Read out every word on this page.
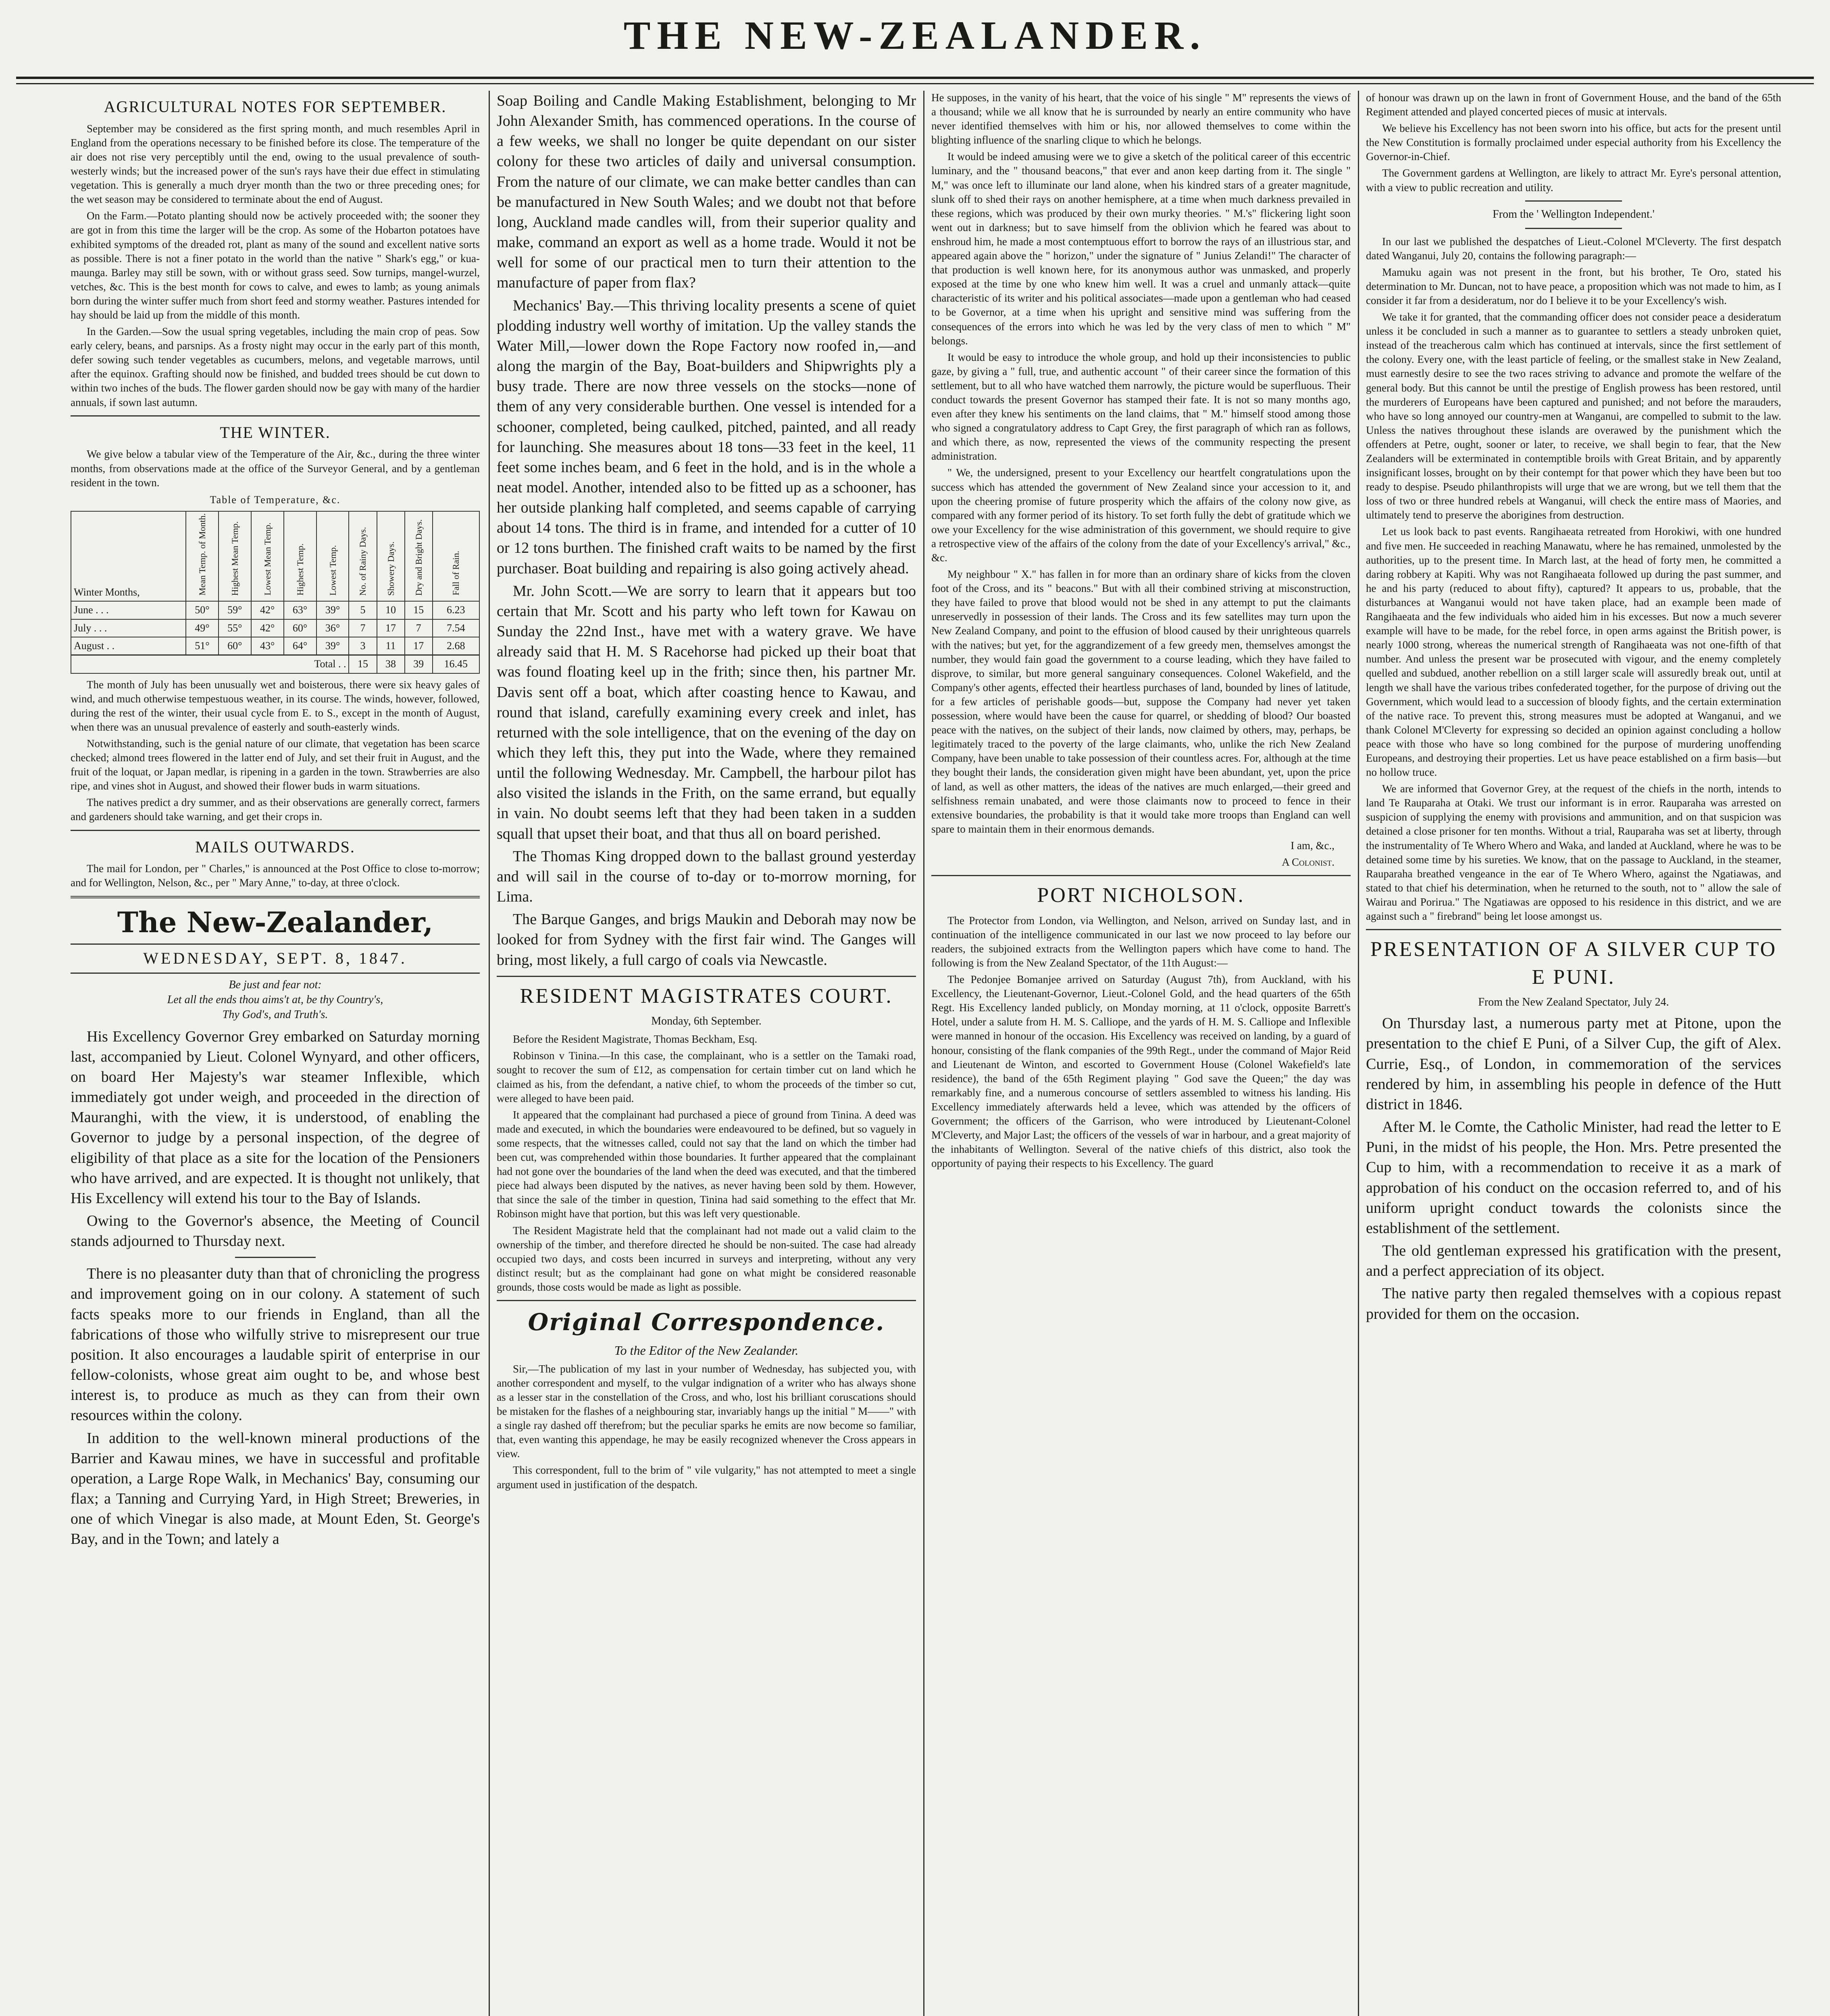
THE NEW-ZEALANDER.
AGRICULTURAL NOTES FOR SEPTEMBER.

September may be considered as the first spring month, and much resembles April in England from the operations necessary to be finished before its close. The temperature of the air does not rise very perceptibly until the end, owing to the usual prevalence of south-westerly winds; but the increased power of the sun's rays have their due effect in stimulating vegetation. This is generally a much dryer month than the two or three preceding ones; for the wet season may be considered to terminate about the end of August.

On the Farm.—Potato planting should now be actively proceeded with; the sooner they are got in from this time the larger will be the crop. As some of the Hobarton potatoes have exhibited symptoms of the dreaded rot, plant as many of the sound and excellent native sorts as possible. There is not a finer potato in the world than the native " Shark's egg," or kua-maunga. Barley may still be sown, with or without grass seed. Sow turnips, mangel-wurzel, vetches, &c. This is the best month for cows to calve, and ewes to lamb; as young animals born during the winter suffer much from short feed and stormy weather. Pastures intended for hay should be laid up from the middle of this month.

In the Garden.—Sow the usual spring vegetables, including the main crop of peas. Sow early celery, beans, and parsnips. As a frosty night may occur in the early part of this month, defer sowing such tender vegetables as cucumbers, melons, and vegetable marrows, until after the equinox. Grafting should now be finished, and budded trees should be cut down to within two inches of the buds. The flower garden should now be gay with many of the hardier annuals, if sown last autumn.

THE WINTER.

We give below a tabular view of the Temperature of the Air, &c., during the three winter months, from observations made at the office of the Surveyor General, and by a gentleman resident in the town.

Table of Temperature, &c.
Winter Months,	Mean Temp. of Month.	Highest Mean Temp.	Lowest Mean Temp.	Highest Temp.	Lowest Temp.	No. of Rainy Days.	Showery Days.	Dry and Bright Days.	Fall of Rain.
June . . .	50°	59°	42°	63°	39°	5	10	15	6.23
July . . .	49°	55°	42°	60°	36°	7	17	7	7.54
August . .	51°	60°	43°	64°	39°	3	11	17	2.68
Total . .						15	38	39	16.45

The month of July has been unusually wet and boisterous, there were six heavy gales of wind, and much otherwise tempestuous weather, in its course. The winds, however, followed, during the rest of the winter, their usual cycle from E. to S., except in the month of August, when there was an unusual prevalence of easterly and south-easterly winds.

Notwithstanding, such is the genial nature of our climate, that vegetation has been scarce checked; almond trees flowered in the latter end of July, and set their fruit in August, and the fruit of the loquat, or Japan medlar, is ripening in a garden in the town. Strawberries are also ripe, and vines shot in August, and showed their flower buds in warm situations.

The natives predict a dry summer, and as their observations are generally correct, farmers and gardeners should take warning, and get their crops in.

MAILS OUTWARDS.

The mail for London, per " Charles," is announced at the Post Office to close to-morrow; and for Wellington, Nelson, &c., per " Mary Anne," to-day, at three o'clock.

The New-Zealander,
WEDNESDAY, SEPT. 8, 1847.
Be just and fear not:
Let all the ends thou aims't at, be thy Country's,
Thy God's, and Truth's.

His Excellency Governor Grey embarked on Saturday morning last, accompanied by Lieut. Colonel Wynyard, and other officers, on board Her Majesty's war steamer Inflexible, which immediately got under weigh, and proceeded in the direction of Mauranghi, with the view, it is understood, of enabling the Governor to judge by a personal inspection, of the degree of eligibility of that place as a site for the location of the Pensioners who have arrived, and are expected. It is thought not unlikely, that His Excellency will extend his tour to the Bay of Islands.

Owing to the Governor's absence, the Meeting of Council stands adjourned to Thursday next.

There is no pleasanter duty than that of chronicling the progress and improvement going on in our colony. A statement of such facts speaks more to our friends in England, than all the fabrications of those who wilfully strive to misrepresent our true position. It also encourages a laudable spirit of enterprise in our fellow-colonists, whose great aim ought to be, and whose best interest is, to produce as much as they can from their own resources within the colony.

In addition to the well-known mineral productions of the Barrier and Kawau mines, we have in successful and profitable operation, a Large Rope Walk, in Mechanics' Bay, consuming our flax; a Tanning and Currying Yard, in High Street; Breweries, in one of which Vinegar is also made, at Mount Eden, St. George's Bay, and in the Town; and lately a

Soap Boiling and Candle Making Establishment, belonging to Mr John Alexander Smith, has commenced operations. In the course of a few weeks, we shall no longer be quite dependant on our sister colony for these two articles of daily and universal consumption. From the nature of our climate, we can make better candles than can be manufactured in New South Wales; and we doubt not that before long, Auckland made candles will, from their superior quality and make, command an export as well as a home trade. Would it not be well for some of our practical men to turn their attention to the manufacture of paper from flax?

Mechanics' Bay.—This thriving locality presents a scene of quiet plodding industry well worthy of imitation. Up the valley stands the Water Mill,—lower down the Rope Factory now roofed in,—and along the margin of the Bay, Boat-builders and Shipwrights ply a busy trade. There are now three vessels on the stocks—none of them of any very considerable burthen. One vessel is intended for a schooner, completed, being caulked, pitched, painted, and all ready for launching. She measures about 18 tons—33 feet in the keel, 11 feet some inches beam, and 6 feet in the hold, and is in the whole a neat model. Another, intended also to be fitted up as a schooner, has her outside planking half completed, and seems capable of carrying about 14 tons. The third is in frame, and intended for a cutter of 10 or 12 tons burthen. The finished craft waits to be named by the first purchaser. Boat building and repairing is also going actively ahead.

Mr. John Scott.—We are sorry to learn that it appears but too certain that Mr. Scott and his party who left town for Kawau on Sunday the 22nd Inst., have met with a watery grave. We have already said that H. M. S Racehorse had picked up their boat that was found floating keel up in the frith; since then, his partner Mr. Davis sent off a boat, which after coasting hence to Kawau, and round that island, carefully examining every creek and inlet, has returned with the sole intelligence, that on the evening of the day on which they left this, they put into the Wade, where they remained until the following Wednesday. Mr. Campbell, the harbour pilot has also visited the islands in the Frith, on the same errand, but equally in vain. No doubt seems left that they had been taken in a sudden squall that upset their boat, and that thus all on board perished.

The Thomas King dropped down to the ballast ground yesterday and will sail in the course of to-day or to-morrow morning, for Lima.

The Barque Ganges, and brigs Maukin and Deborah may now be looked for from Sydney with the first fair wind. The Ganges will bring, most likely, a full cargo of coals via Newcastle.

RESIDENT MAGISTRATES COURT.
Monday, 6th September.

Before the Resident Magistrate, Thomas Beckham, Esq.

Robinson v Tinina.—In this case, the complainant, who is a settler on the Tamaki road, sought to recover the sum of £12, as compensation for certain timber cut on land which he claimed as his, from the defendant, a native chief, to whom the proceeds of the timber so cut, were alleged to have been paid.

It appeared that the complainant had purchased a piece of ground from Tinina. A deed was made and executed, in which the boundaries were endeavoured to be defined, but so vaguely in some respects, that the witnesses called, could not say that the land on which the timber had been cut, was comprehended within those boundaries. It further appeared that the complainant had not gone over the boundaries of the land when the deed was executed, and that the timbered piece had always been disputed by the natives, as never having been sold by them. However, that since the sale of the timber in question, Tinina had said something to the effect that Mr. Robinson might have that portion, but this was left very questionable.

The Resident Magistrate held that the complainant had not made out a valid claim to the ownership of the timber, and therefore directed he should be non-suited. The case had already occupied two days, and costs been incurred in surveys and interpreting, without any very distinct result; but as the complainant had gone on what might be considered reasonable grounds, those costs would be made as light as possible.

Original Correspondence.
To the Editor of the New Zealander.

Sir,—The publication of my last in your number of Wednesday, has subjected you, with another correspondent and myself, to the vulgar indignation of a writer who has always shone as a lesser star in the constellation of the Cross, and who, lost his brilliant coruscations should be mistaken for the flashes of a neighbouring star, invariably hangs up the initial " M——" with a single ray dashed off therefrom; but the peculiar sparks he emits are now become so familiar, that, even wanting this appendage, he may be easily recognized whenever the Cross appears in view.

This correspondent, full to the brim of " vile vulgarity," has not attempted to meet a single argument used in justification of the despatch.

He supposes, in the vanity of his heart, that the voice of his single " M" represents the views of a thousand; while we all know that he is surrounded by nearly an entire community who have never identified themselves with him or his, nor allowed themselves to come within the blighting influence of the snarling clique to which he belongs.

It would be indeed amusing were we to give a sketch of the political career of this eccentric luminary, and the " thousand beacons," that ever and anon keep darting from it. The single " M," was once left to illuminate our land alone, when his kindred stars of a greater magnitude, slunk off to shed their rays on another hemisphere, at a time when much darkness prevailed in these regions, which was produced by their own murky theories. " M.'s" flickering light soon went out in darkness; but to save himself from the oblivion which he feared was about to enshroud him, he made a most contemptuous effort to borrow the rays of an illustrious star, and appeared again above the " horizon," under the signature of " Junius Zelandi!" The character of that production is well known here, for its anonymous author was unmasked, and properly exposed at the time by one who knew him well. It was a cruel and unmanly attack—quite characteristic of its writer and his political associates—made upon a gentleman who had ceased to be Governor, at a time when his upright and sensitive mind was suffering from the consequences of the errors into which he was led by the very class of men to which " M" belongs.

It would be easy to introduce the whole group, and hold up their inconsistencies to public gaze, by giving a " full, true, and authentic account " of their career since the formation of this settlement, but to all who have watched them narrowly, the picture would be superfluous. Their conduct towards the present Governor has stamped their fate. It is not so many months ago, even after they knew his sentiments on the land claims, that " M." himself stood among those who signed a congratulatory address to Capt Grey, the first paragraph of which ran as follows, and which there, as now, represented the views of the community respecting the present administration.

" We, the undersigned, present to your Excellency our heartfelt congratulations upon the success which has attended the government of New Zealand since your accession to it, and upon the cheering promise of future prosperity which the affairs of the colony now give, as compared with any former period of its history. To set forth fully the debt of gratitude which we owe your Excellency for the wise administration of this government, we should require to give a retrospective view of the affairs of the colony from the date of your Excellency's arrival," &c., &c.

My neighbour " X." has fallen in for more than an ordinary share of kicks from the cloven foot of the Cross, and its " beacons." But with all their combined striving at misconstruction, they have failed to prove that blood would not be shed in any attempt to put the claimants unreservedly in possession of their lands. The Cross and its few satellites may turn upon the New Zealand Company, and point to the effusion of blood caused by their unrighteous quarrels with the natives; but yet, for the aggrandizement of a few greedy men, themselves amongst the number, they would fain goad the government to a course leading, which they have failed to disprove, to similar, but more general sanguinary consequences. Colonel Wakefield, and the Company's other agents, effected their heartless purchases of land, bounded by lines of latitude, for a few articles of perishable goods—but, suppose the Company had never yet taken possession, where would have been the cause for quarrel, or shedding of blood? Our boasted peace with the natives, on the subject of their lands, now claimed by others, may, perhaps, be legitimately traced to the poverty of the large claimants, who, unlike the rich New Zealand Company, have been unable to take possession of their countless acres. For, although at the time they bought their lands, the consideration given might have been abundant, yet, upon the price of land, as well as other matters, the ideas of the natives are much enlarged,—their greed and selfishness remain unabated, and were those claimants now to proceed to fence in their extensive boundaries, the probability is that it would take more troops than England can well spare to maintain them in their enormous demands.

I am, &c.,
A Colonist.
PORT NICHOLSON.

The Protector from London, via Wellington, and Nelson, arrived on Sunday last, and in continuation of the intelligence communicated in our last we now proceed to lay before our readers, the subjoined extracts from the Wellington papers which have come to hand. The following is from the New Zealand Spectator, of the 11th August:—

The Pedonjee Bomanjee arrived on Saturday (August 7th), from Auckland, with his Excellency, the Lieutenant-Governor, Lieut.-Colonel Gold, and the head quarters of the 65th Regt. His Excellency landed publicly, on Monday morning, at 11 o'clock, opposite Barrett's Hotel, under a salute from H. M. S. Calliope, and the yards of H. M. S. Calliope and Inflexible were manned in honour of the occasion. His Excellency was received on landing, by a guard of honour, consisting of the flank companies of the 99th Regt., under the command of Major Reid and Lieutenant de Winton, and escorted to Government House (Colonel Wakefield's late residence), the band of the 65th Regiment playing " God save the Queen;" the day was remarkably fine, and a numerous concourse of settlers assembled to witness his landing. His Excellency immediately afterwards held a levee, which was attended by the officers of Government; the officers of the Garrison, who were introduced by Lieutenant-Colonel M'Cleverty, and Major Last; the officers of the vessels of war in harbour, and a great majority of the inhabitants of Wellington. Several of the native chiefs of this district, also took the opportunity of paying their respects to his Excellency. The guard

of honour was drawn up on the lawn in front of Government House, and the band of the 65th Regiment attended and played concerted pieces of music at intervals.

We believe his Excellency has not been sworn into his office, but acts for the present until the New Constitution is formally proclaimed under especial authority from his Excellency the Governor-in-Chief.

The Government gardens at Wellington, are likely to attract Mr. Eyre's personal attention, with a view to public recreation and utility.

From the ' Wellington Independent.'

In our last we published the despatches of Lieut.-Colonel M'Cleverty. The first despatch dated Wanganui, July 20, contains the following paragraph:—

Mamuku again was not present in the front, but his brother, Te Oro, stated his determination to Mr. Duncan, not to have peace, a proposition which was not made to him, as I consider it far from a desideratum, nor do I believe it to be your Excellency's wish.

We take it for granted, that the commanding officer does not consider peace a desideratum unless it be concluded in such a manner as to guarantee to settlers a steady unbroken quiet, instead of the treacherous calm which has continued at intervals, since the first settlement of the colony. Every one, with the least particle of feeling, or the smallest stake in New Zealand, must earnestly desire to see the two races striving to advance and promote the welfare of the general body. But this cannot be until the prestige of English prowess has been restored, until the murderers of Europeans have been captured and punished; and not before the marauders, who have so long annoyed our country-men at Wanganui, are compelled to submit to the law. Unless the natives throughout these islands are overawed by the punishment which the offenders at Petre, ought, sooner or later, to receive, we shall begin to fear, that the New Zealanders will be exterminated in contemptible broils with Great Britain, and by apparently insignificant losses, brought on by their contempt for that power which they have been but too ready to despise. Pseudo philanthropists will urge that we are wrong, but we tell them that the loss of two or three hundred rebels at Wanganui, will check the entire mass of Maories, and ultimately tend to preserve the aborigines from destruction.

Let us look back to past events. Rangihaeata retreated from Horokiwi, with one hundred and five men. He succeeded in reaching Manawatu, where he has remained, unmolested by the authorities, up to the present time. In March last, at the head of forty men, he committed a daring robbery at Kapiti. Why was not Rangihaeata followed up during the past summer, and he and his party (reduced to about fifty), captured? It appears to us, probable, that the disturbances at Wanganui would not have taken place, had an example been made of Rangihaeata and the few individuals who aided him in his excesses. But now a much severer example will have to be made, for the rebel force, in open arms against the British power, is nearly 1000 strong, whereas the numerical strength of Rangihaeata was not one-fifth of that number. And unless the present war be prosecuted with vigour, and the enemy completely quelled and subdued, another rebellion on a still larger scale will assuredly break out, until at length we shall have the various tribes confederated together, for the purpose of driving out the Government, which would lead to a succession of bloody fights, and the certain extermination of the native race. To prevent this, strong measures must be adopted at Wanganui, and we thank Colonel M'Cleverty for expressing so decided an opinion against concluding a hollow peace with those who have so long combined for the purpose of murdering unoffending Europeans, and destroying their properties. Let us have peace established on a firm basis—but no hollow truce.

We are informed that Governor Grey, at the request of the chiefs in the north, intends to land Te Rauparaha at Otaki. We trust our informant is in error. Rauparaha was arrested on suspicion of supplying the enemy with provisions and ammunition, and on that suspicion was detained a close prisoner for ten months. Without a trial, Rauparaha was set at liberty, through the instrumentality of Te Whero Whero and Waka, and landed at Auckland, where he was to be detained some time by his sureties. We know, that on the passage to Auckland, in the steamer, Rauparaha breathed vengeance in the ear of Te Whero Whero, against the Ngatiawas, and stated to that chief his determination, when he returned to the south, not to " allow the sale of Wairau and Porirua." The Ngatiawas are opposed to his residence in this district, and we are against such a " firebrand" being let loose amongst us.

PRESENTATION OF A SILVER CUP TO E PUNI.
From the New Zealand Spectator, July 24.

On Thursday last, a numerous party met at Pitone, upon the presentation to the chief E Puni, of a Silver Cup, the gift of Alex. Currie, Esq., of London, in commemoration of the services rendered by him, in assembling his people in defence of the Hutt district in 1846.

After M. le Comte, the Catholic Minister, had read the letter to E Puni, in the midst of his people, the Hon. Mrs. Petre presented the Cup to him, with a recommendation to receive it as a mark of approbation of his conduct on the occasion referred to, and of his uniform upright conduct towards the colonists since the establishment of the settlement.

The old gentleman expressed his gratification with the present, and a perfect appreciation of its object.

The native party then regaled themselves with a copious repast provided for them on the occasion.
